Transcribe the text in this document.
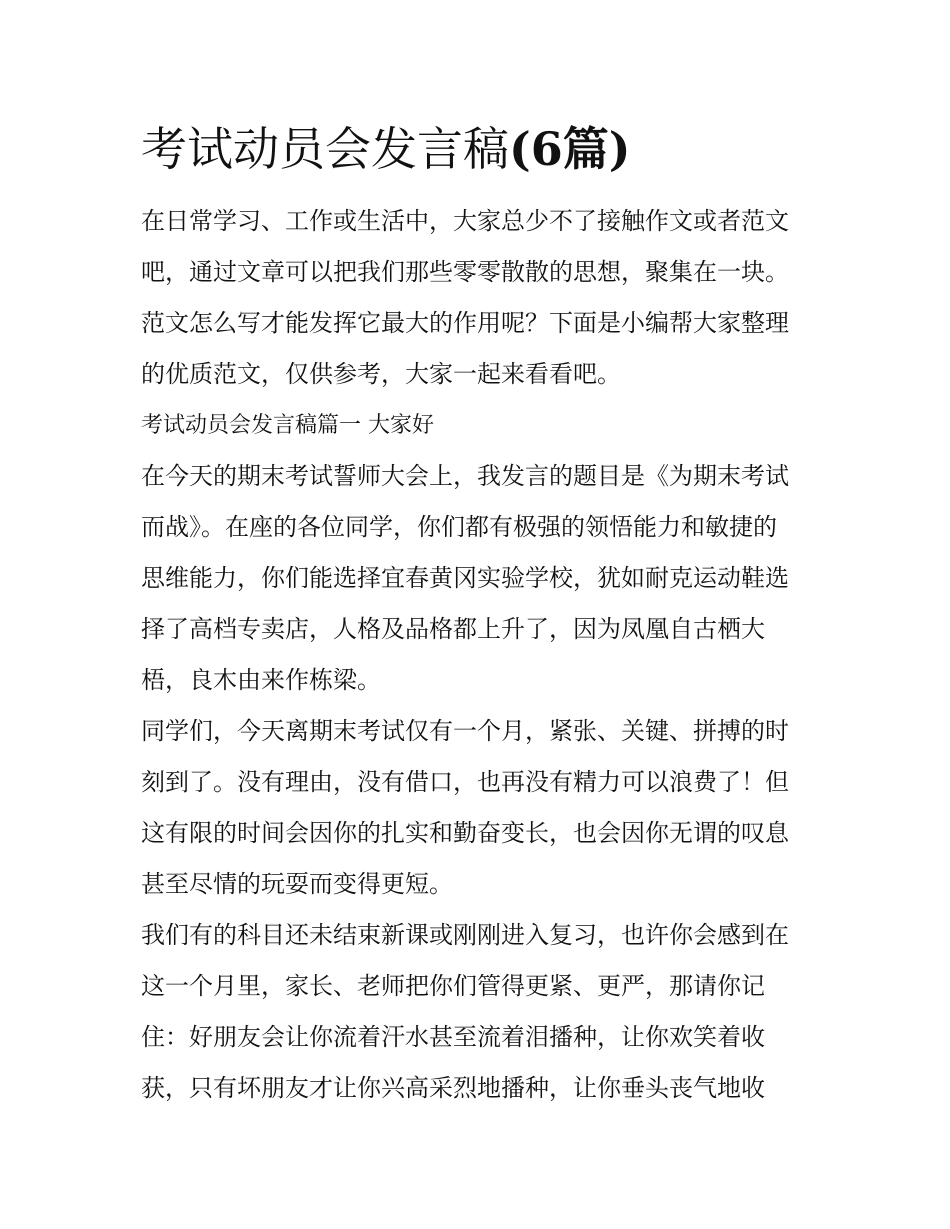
考试动员会发言稿(6篇)

在日常学习、工作或生活中，大家总少不了接触作文或者范文
吧，通过文章可以把我们那些零零散散的思想，聚集在一块。
范文怎么写才能发挥它最大的作用呢？下面是小编帮大家整理
的优质范文，仅供参考，大家一起来看看吧。

考试动员会发言稿篇一 大家好

在今天的期末考试誓师大会上，我发言的题目是《为期末考试
而战》。在座的各位同学，你们都有极强的领悟能力和敏捷的
思维能力，你们能选择宜春黄冈实验学校，犹如耐克运动鞋选
择了高档专卖店，人格及品格都上升了，因为凤凰自古栖大
梧，良木由来作栋梁。

同学们，今天离期末考试仅有一个月，紧张、关键、拼搏的时
刻到了。没有理由，没有借口，也再没有精力可以浪费了！但
这有限的时间会因你的扎实和勤奋变长，也会因你无谓的叹息
甚至尽情的玩耍而变得更短。

我们有的科目还未结束新课或刚刚进入复习，也许你会感到在
这一个月里，家长、老师把你们管得更紧、更严，那请你记
住：好朋友会让你流着汗水甚至流着泪播种，让你欢笑着收
获，只有坏朋友才让你兴高采烈地播种，让你垂头丧气地收
